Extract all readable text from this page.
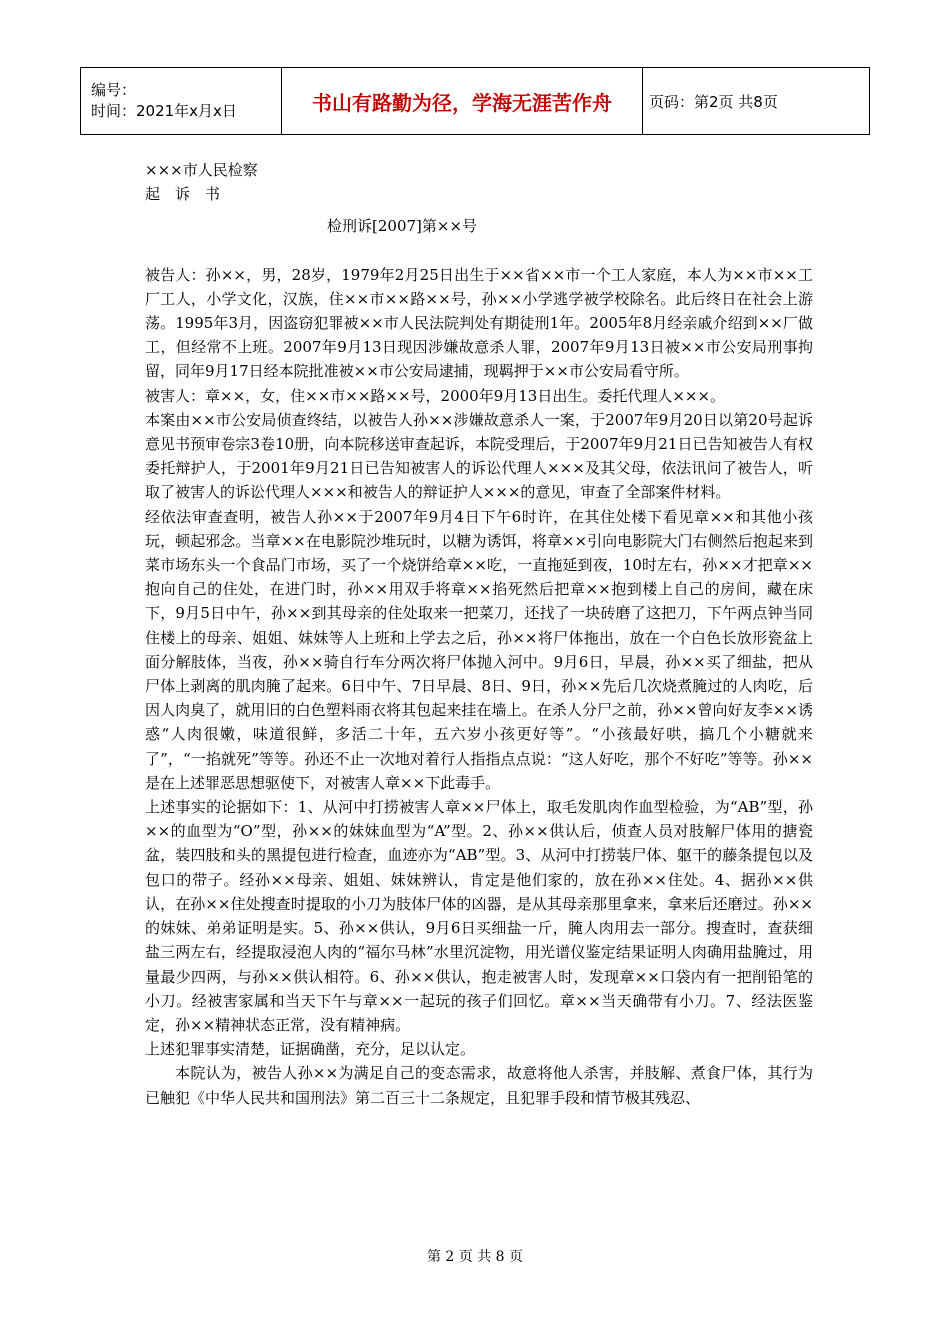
编号：
时间：2021年x月x日	书山有路勤为径，学海无涯苦作舟	页码：第2页 共8页

×××市人民检察

起　诉　书

检刑诉[2007]第××号

被告人：孙××，男，28岁，1979年2月25日出生于××省××市一个工人家庭，本人为××市××工厂工人，小学文化，汉族，住××市××路××号，孙××小学逃学被学校除名。此后终日在社会上游荡。1995年3月，因盗窃犯罪被××市人民法院判处有期徒刑1年。2005年8月经亲戚介绍到××厂做工，但经常不上班。2007年9月13日现因涉嫌故意杀人罪，2007年9月13日被××市公安局刑事拘留，同年9月17日经本院批准被××市公安局逮捕，现羁押于××市公安局看守所。

被害人：章××，女，住××市××路××号，2000年9月13日出生。委托代理人×××。

本案由××市公安局侦查终结，以被告人孙××涉嫌故意杀人一案，于2007年9月20日以第20号起诉意见书预审卷宗3卷10册，向本院移送审查起诉，本院受理后，于2007年9月21日已告知被告人有权委托辩护人，于2001年9月21日已告知被害人的诉讼代理人×××及其父母，依法讯问了被告人，听取了被害人的诉讼代理人×××和被告人的辩证护人×××的意见，审查了全部案件材料。

经依法审查查明，被告人孙××于2007年9月4日下午6时许，在其住处楼下看见章××和其他小孩玩，顿起邪念。当章××在电影院沙堆玩时，以糖为诱饵，将章××引向电影院大门右侧然后抱起来到菜市场东头一个食品门市场，买了一个烧饼给章××吃，一直拖延到夜，10时左右，孙××才把章××抱向自己的住处，在进门时，孙××用双手将章××掐死然后把章××抱到楼上自己的房间，藏在床下，9月5日中午，孙××到其母亲的住处取来一把菜刀，还找了一块砖磨了这把刀，下午两点钟当同住楼上的母亲、姐姐、妹妹等人上班和上学去之后，孙××将尸体拖出，放在一个白色长放形瓷盆上面分解肢体，当夜，孙××骑自行车分两次将尸体抛入河中。9月6日，早晨，孙××买了细盐，把从尸体上剥离的肌肉腌了起来。6日中午、7日早晨、8日、9日，孙××先后几次烧煮腌过的人肉吃，后因人肉臭了，就用旧的白色塑料雨衣将其包起来挂在墙上。在杀人分尸之前，孙××曾向好友李××诱惑“人肉很嫩，味道很鲜，多活二十年，五六岁小孩更好等”。“小孩最好哄，搞几个小糖就来了”，“一掐就死”等等。孙还不止一次地对着行人指指点点说：“这人好吃，那个不好吃”等等。孙××是在上述罪恶思想驱使下，对被害人章××下此毒手。

上述事实的论据如下：1、从河中打捞被害人章××尸体上，取毛发肌肉作血型检验，为“AB”型，孙××的血型为“O”型，孙××的妹妹血型为“A”型。2、孙××供认后，侦查人员对肢解尸体用的搪瓷盆，装四肢和头的黑提包进行检查，血迹亦为“AB”型。3、从河中打捞装尸体、躯干的藤条提包以及包口的带子。经孙××母亲、姐姐、妹妹辨认，肯定是他们家的，放在孙××住处。4、据孙××供认，在孙××住处搜查时提取的小刀为肢体尸体的凶器，是从其母亲那里拿来，拿来后还磨过。孙××的妹妹、弟弟证明是实。5、孙××供认，9月6日买细盐一斤，腌人肉用去一部分。搜查时，查获细盐三两左右，经提取浸泡人肉的“福尔马林”水里沉淀物，用光谱仪鉴定结果证明人肉确用盐腌过，用量最少四两，与孙××供认相符。6、孙××供认，抱走被害人时，发现章××口袋内有一把削铅笔的小刀。经被害家属和当天下午与章××一起玩的孩子们回忆。章××当天确带有小刀。7、经法医鉴定，孙××精神状态正常，没有精神病。

上述犯罪事实清楚，证据确凿，充分，足以认定。

本院认为，被告人孙××为满足自己的变态需求，故意将他人杀害，并肢解、煮食尸体，其行为已触犯《中华人民共和国刑法》第二百三十二条规定，且犯罪手段和情节极其残忍、

第 2 页 共 8 页
